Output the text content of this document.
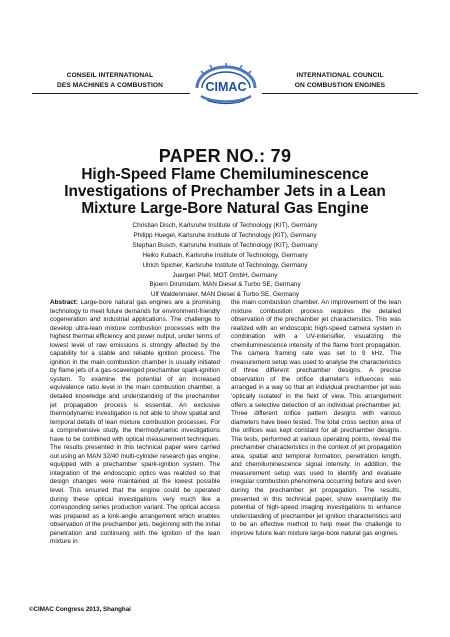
CONSEIL INTERNATIONAL
DES MACHINES A COMBUSTION	CIMAC
INTERNATIONAL COUNCIL
ON COMBUSTION ENGINES
PAPER NO.: 79
High-Speed Flame Chemiluminescence
Investigations of Prechamber Jets in a Lean
Mixture Large-Bore Natural Gas Engine
Christian Disch, Karlsruhe Institute of Technology (KIT), Germany
Philipp Huegel, Karlsruhe Institute of Technology (KIT), Germany
Stephan Busch, Karlsruhe Institute of Technology (KIT), Germany
Heiko Kubach, Karlsruhe Institute of Technology, Germany
Ulrich Spicher, Karlsruhe Institute of Technology, Germany
Juergen Pfeil, MOT GmbH, Germany
Bjoern Dirumdam, MAN Diesel & Turbo SE, Germany
Ulf Waldenmaier, MAN Diesel & Turbo SE, Germany
Abstract: Large-bore natural gas engines are a promising technology to meet future demands for environment-friendly cogeneration and industrial applications. The challenge to develop ultra-lean mixture combustion processes with the highest thermal efficiency and power output, under terms of lowest level of raw emissions is strongly affected by the capability for a stable and reliable ignition process. The ignition in the main combustion chamber is usually initiated by flame jets of a gas-scavenged prechamber spark-ignition system. To examine the potential of an increased equivalence ratio level in the main combustion chamber, a detailed knowledge and understanding of the prechamber jet propagation process is essential. An exclusive thermodynamic investigation is not able to show spatial and temporal details of lean mixture combustion processes. For a comprehensive study, the thermodynamic investigations have to be combined with optical measurement techniques. The results presented in this technical paper were carried out using an MAN 32/40 multi-cylinder research gas engine, equipped with a prechamber spark-ignition system. The integration of the endoscopic optics was realized so that design changes were maintained at the lowest possible level. This ensured that the engine could be operated during these optical investigations very much like a corresponding series production variant. The optical access was prepared as a kink-angle arrangement which enables observation of the prechamber jets, beginning with the initial penetration and continuing with the ignition of the lean mixture in
the main combustion chamber. An improvement of the lean mixture combustion process requires the detailed observation of the prechamber jet characteristics. This was realized with an endoscopic high-speed camera system in combination with a UV-intensifier, visualizing the chemiluminescence intensity of the flame front propagation. The camera framing rate was set to 9 kHz. The measurement setup was used to analyse the characteristics of three different prechamber designs. A precise observation of the orifice diameter's influences was arranged in a way so that an individual prechamber jet was 'optically isolated' in the field of view. This arrangement offers a selective detection of an individual prechamber jet. Three different orifice pattern designs with various diameters have been tested. The total cross section area of the orifices was kept constant for all prechamber designs. The tests, performed at various operating points, reveal the prechamber characteristics in the context of jet propagation area, spatial and temporal formation, penetration length, and chemiluminescence signal intensity. In addition, the measurement setup was used to identify and evaluate irregular combustion phenomena occurring before and even during the prechamber jet propagation. The results, presented in this technical paper, show exemplarily the potential of high-speed imaging investigations to enhance understanding of prechamber jet ignition characteristics and to be an effective method to help meet the challenge to improve future lean mixture large-bore natural gas engines.
©CIMAC Congress 2013, Shanghai
